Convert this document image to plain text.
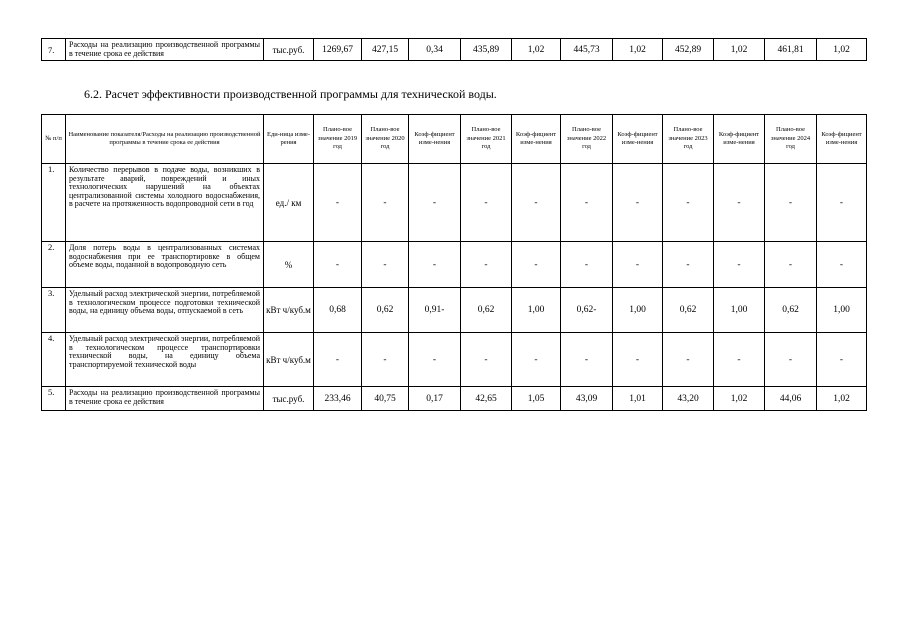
7.	Расходы на реализацию производственной программы в течение срока ее действия	тыс.руб.	1269,67	427,15	0,34	435,89	1,02	445,73	1,02	452,89	1,02	461,81	1,02
6.2. Расчет эффективности производственной программы для технической воды.
№ п/п	Наименование показателя/Расходы на реализацию производственной программы в течение срока ее действия	Еди-ница изме-рения	Плано-вое значение 2019 год	Плано-вое значение 2020 год	Коэф-фициент изме-нения	Плано-вое значение 2021 год	Коэф-фициент изме-нения	Плано-вое значение 2022 год	Коэф-фициент изме-нения	Плано-вое значение 2023 год	Коэф-фициент изме-нения	Плано-вое значение 2024 год	Коэф-фициент изме-нения
1.	Количество перерывов в подаче воды, возникших в результате аварий, повреждений и иных технологических нарушений на объектах централизованной системы холодного водоснабжения, в расчете на протяженность водопроводной сети в год	ед./ км	-	-	-	-	-	-	-	-	-	-	-
2.	Доля потерь воды в централизованных системах водоснабжения при ее транспортировке в общем объеме воды, поданной в водопроводную сеть	%	-	-	-	-	-	-	-	-	-	-	-
3.	Удельный расход электрической энергии, потребляемой в технологическом процессе подготовки технической воды, на единицу объема воды, отпускаемой в сеть	кВт ч/куб.м	0,68	0,62	0,91-	0,62	1,00	0,62-	1,00	0,62	1,00	0,62	1,00
4.	Удельный расход электрической энергии, потребляемой в технологическом процессе транспортировки технической воды, на единицу объема транспортируемой технической воды	кВт ч/куб.м	-	-	-	-	-	-	-	-	-	-	-
5.	Расходы на реализацию производственной программы в течение срока ее действия	тыс.руб.	233,46	40,75	0,17	42,65	1,05	43,09	1,01	43,20	1,02	44,06	1,02
